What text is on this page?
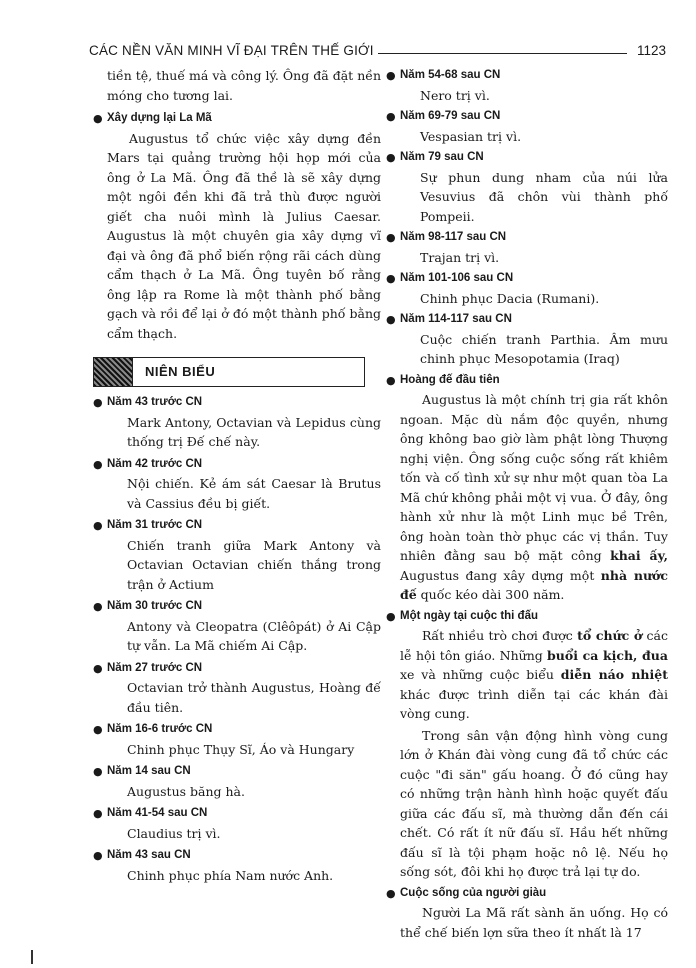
CÁC NỀN VĂN MINH VĨ ĐẠI TRÊN THẾ GIỚI	1123

tiền tệ, thuế má và công lý. Ông đã đặt nền móng cho tương lai.

● Xây dựng lại La Mã

Augustus tổ chức việc xây dựng đền Mars tại quảng trường hội họp mới của ông ở La Mã. Ông đã thề là sẽ xây dựng một ngôi đền khi đã trả thù được người giết cha nuôi mình là Julius Caesar. Augustus là một chuyên gia xây dựng vĩ đại và ông đã phổ biến rộng rãi cách dùng cẩm thạch ở La Mã. Ông tuyên bố rằng ông lập ra Rome là một thành phố bằng gạch và rồi để lại ở đó một thành phố bằng cẩm thạch.

NIÊN BIỂU
● Năm 43 trước CN

Mark Antony, Octavian và Lepidus cùng thống trị Đế chế này.

● Năm 42 trước CN

Nội chiến. Kẻ ám sát Caesar là Brutus và Cassius đều bị giết.

● Năm 31 trước CN

Chiến tranh giữa Mark Antony và Octavian Octavian chiến thắng trong trận ở Actium

● Năm 30 trước CN

Antony và Cleopatra (Clêôpát) ở Ai Cập tự vẫn. La Mã chiếm Ai Cập.

● Năm 27 trước CN

Octavian trở thành Augustus, Hoàng đế đầu tiên.

● Năm 16-6 trước CN

Chinh phục Thụy Sĩ, Áo và Hungary

● Năm 14 sau CN

Augustus băng hà.

● Năm 41-54 sau CN

Claudius trị vì.

● Năm 43 sau CN

Chinh phục phía Nam nước Anh.

● Năm 54-68 sau CN

Nero trị vì.

● Năm 69-79 sau CN

Vespasian trị vì.

● Năm 79 sau CN

Sự phun dung nham của núi lửa Vesuvius đã chôn vùi thành phố Pompeii.

● Năm 98-117 sau CN

Trajan trị vì.

● Năm 101-106 sau CN

Chinh phục Dacia (Rumani).

● Năm 114-117 sau CN

Cuộc chiến tranh Parthia. Âm mưu chinh phục Mesopotamia (Iraq)

● Hoàng đế đầu tiên

Augustus là một chính trị gia rất khôn ngoan. Mặc dù nắm độc quyền, nhưng ông không bao giờ làm phật lòng Thượng nghị viện. Ông sống cuộc sống rất khiêm tốn và cố tình xử sự như một quan tòa La Mã chứ không phải một vị vua. Ở đây, ông hành xử như là một Linh mục bề Trên, ông hoàn toàn thờ phục các vị thần. Tuy nhiên đằng sau bộ mặt công khai ấy, Augustus đang xây dựng một nhà nước đế quốc kéo dài 300 năm.

● Một ngày tại cuộc thi đấu

Rất nhiều trò chơi được tổ chức ở các lễ hội tôn giáo. Những buổi ca kịch, đua xe và những cuộc biểu diễn náo nhiệt khác được trình diễn tại các khán đài vòng cung.

Trong sân vận động hình vòng cung lớn ở Khán đài vòng cung đã tổ chức các cuộc "đi săn" gấu hoang. Ở đó cũng hay có những trận hành hình hoặc quyết đấu giữa các đấu sĩ, mà thường dẫn đến cái chết. Có rất ít nữ đấu sĩ. Hầu hết những đấu sĩ là tội phạm hoặc nô lệ. Nếu họ sống sót, đôi khi họ được trả lại tự do.

● Cuộc sống của người giàu

Người La Mã rất sành ăn uống. Họ có thể chế biến lợn sữa theo ít nhất là 17
